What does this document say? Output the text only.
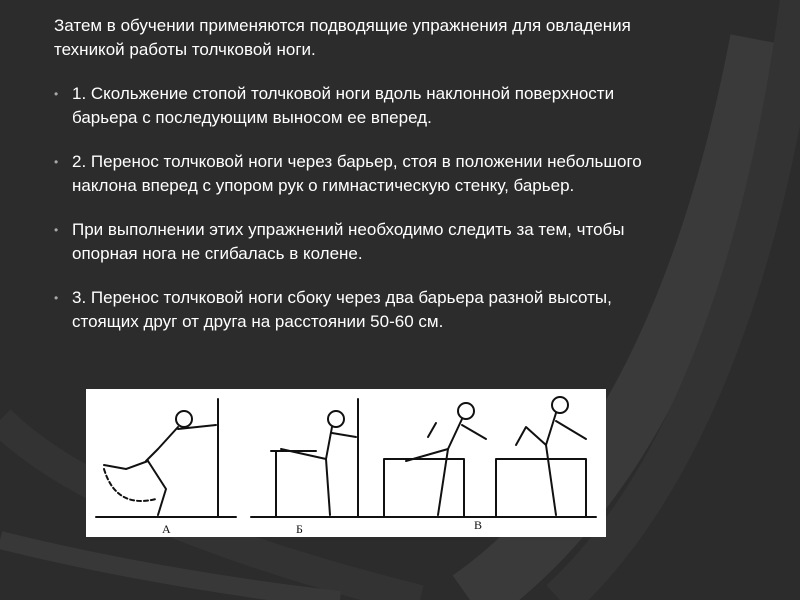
Затем в обучении применяются подводящие упражнения для овладения техникой работы толчковой ноги.

• 1. Скольжение стопой толчковой ноги вдоль наклонной поверхности барьера с последующим выносом ее вперед.
• 2. Перенос толчковой ноги через барьер, стоя в положении небольшого наклона вперед с упором рук о гимнастическую стенку, барьер.
• При выполнении этих упражнений необходимо следить за тем, чтобы опорная нога не сгибалась в колене.
• 3. Перенос толчковой ноги сбоку через два барьера разной высоты, стоящих друг от друга на расстоянии 50-60 см.
А	Б	В
